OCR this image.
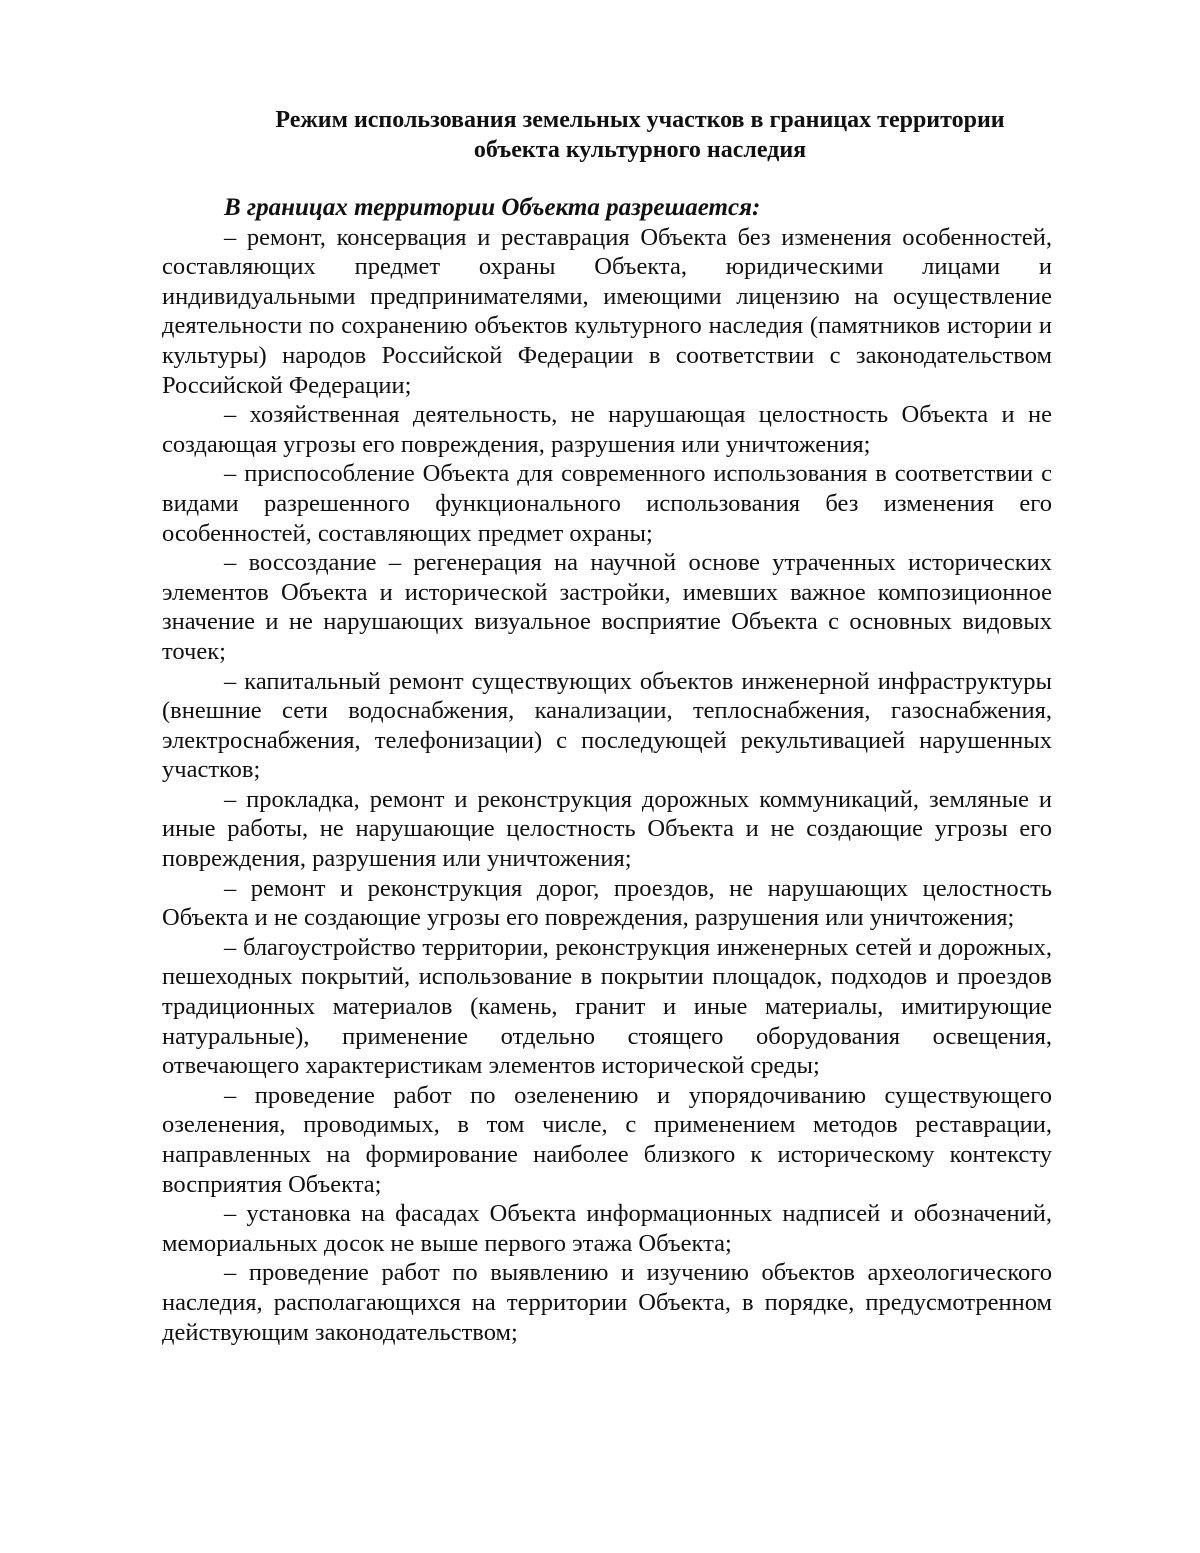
Режим использования земельных участков в границах территории
объекта культурного наследия

В границах территории Объекта разрешается:

– ремонт, консервация и реставрация Объекта без изменения особенностей, составляющих предмет охраны Объекта, юридическими лицами и индивидуальными предпринимателями, имеющими лицензию на осуществление деятельности по сохранению объектов культурного наследия (памятников истории и культуры) народов Российской Федерации в соответствии с законодательством Российской Федерации;

– хозяйственная деятельность, не нарушающая целостность Объекта и не создающая угрозы его повреждения, разрушения или уничтожения;

– приспособление Объекта для современного использования в соответствии с видами разрешенного функционального использования без изменения его особенностей, составляющих предмет охраны;

– воссоздание – регенерация на научной основе утраченных исторических элементов Объекта и исторической застройки, имевших важное композиционное значение и не нарушающих визуальное восприятие Объекта с основных видовых точек;

– капитальный ремонт существующих объектов инженерной инфраструктуры (внешние сети водоснабжения, канализации, теплоснабжения, газоснабжения, электроснабжения, телефонизации) с последующей рекультивацией нарушенных участков;

– прокладка, ремонт и реконструкция дорожных коммуникаций, земляные и иные работы, не нарушающие целостность Объекта и не создающие угрозы его повреждения, разрушения или уничтожения;

– ремонт и реконструкция дорог, проездов, не нарушающих целостность Объекта и не создающие угрозы его повреждения, разрушения или уничтожения;

– благоустройство территории, реконструкция инженерных сетей и дорожных, пешеходных покрытий, использование в покрытии площадок, подходов и проездов традиционных материалов (камень, гранит и иные материалы, имитирующие натуральные), применение отдельно стоящего оборудования освещения, отвечающего характеристикам элементов исторической среды;

– проведение работ по озеленению и упорядочиванию существующего озеленения, проводимых, в том числе, с применением методов реставрации, направленных на формирование наиболее близкого к историческому контексту восприятия Объекта;

– установка на фасадах Объекта информационных надписей и обозначений, мемориальных досок не выше первого этажа Объекта;

– проведение работ по выявлению и изучению объектов археологического наследия, располагающихся на территории Объекта, в порядке, предусмотренном действующим законодательством;
